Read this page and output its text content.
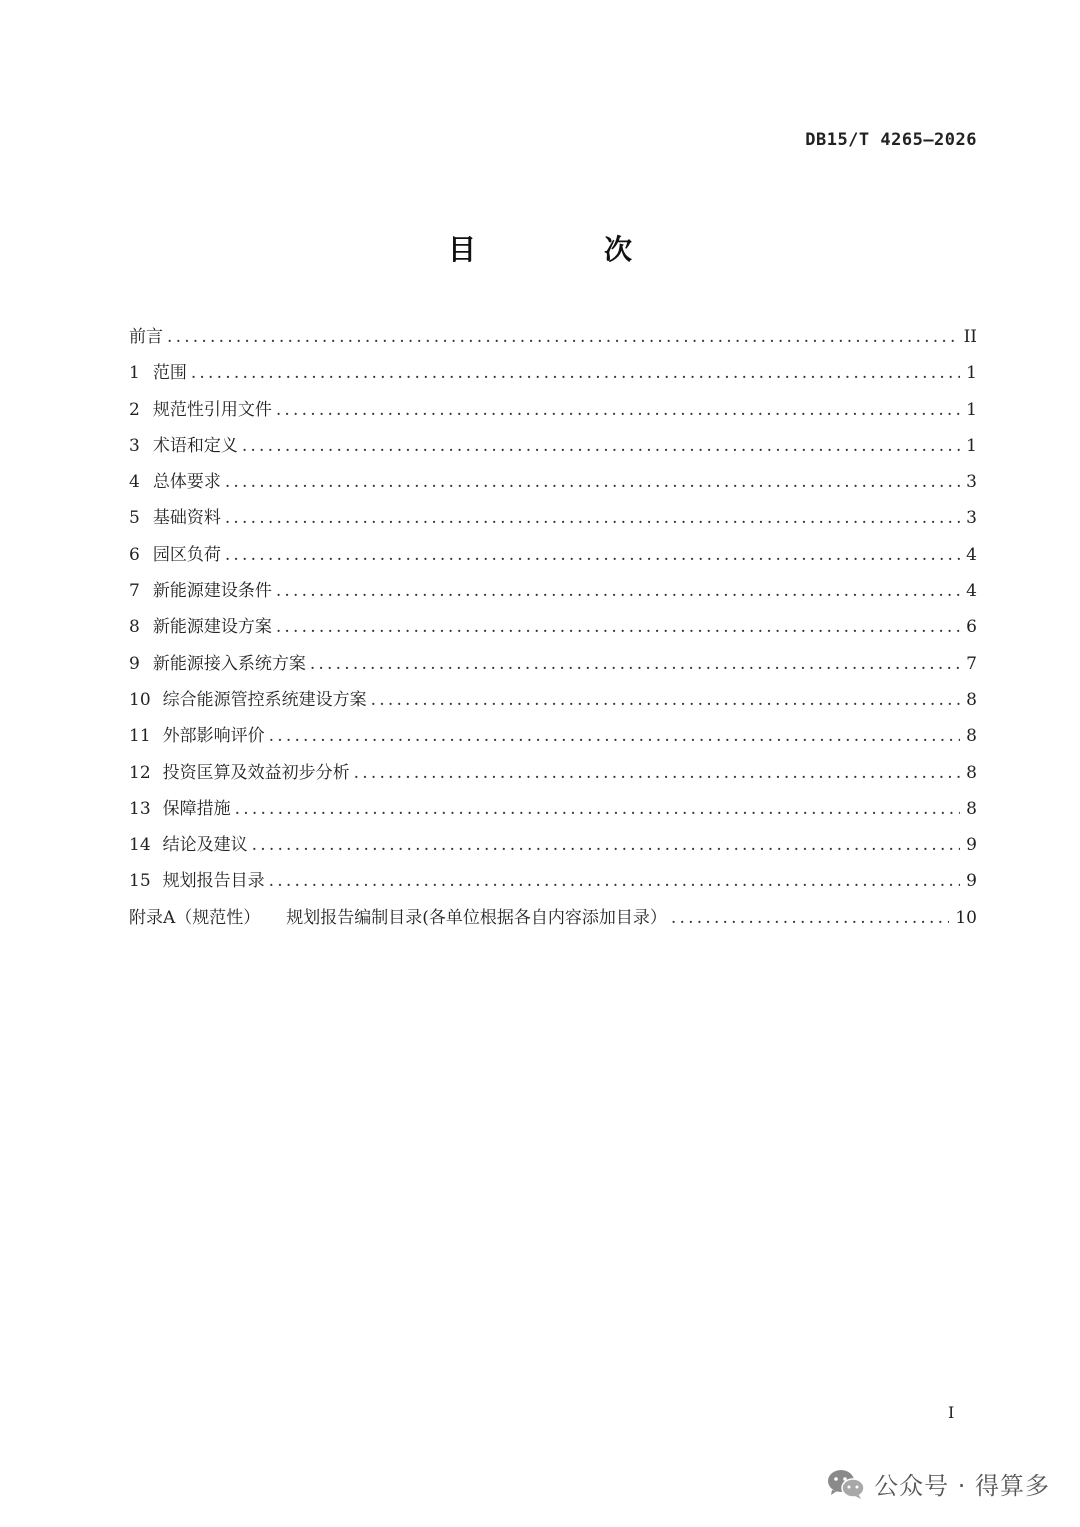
DB15/T 4265—2026
目　次
前言 .....	II
1 范围 .....	1
2 规范性引用文件 .....	1
3 术语和定义 .....	1
4 总体要求 .....	3
5 基础资料 .....	3
6 园区负荷 .....	4
7 新能源建设条件 .....	4
8 新能源建设方案 .....	6
9 新能源接入系统方案 .....	7
10 综合能源管控系统建设方案 .....	8
11 外部影响评价 .....	8
12 投资匡算及效益初步分析 .....	8
13 保障措施 .....	8
14 结论及建议 .....	9
15 规划报告目录 .....	9
附录A（规范性） 规划报告编制目录(各单位根据各自内容添加目录） .....	10
I
公众号 · 得算多
